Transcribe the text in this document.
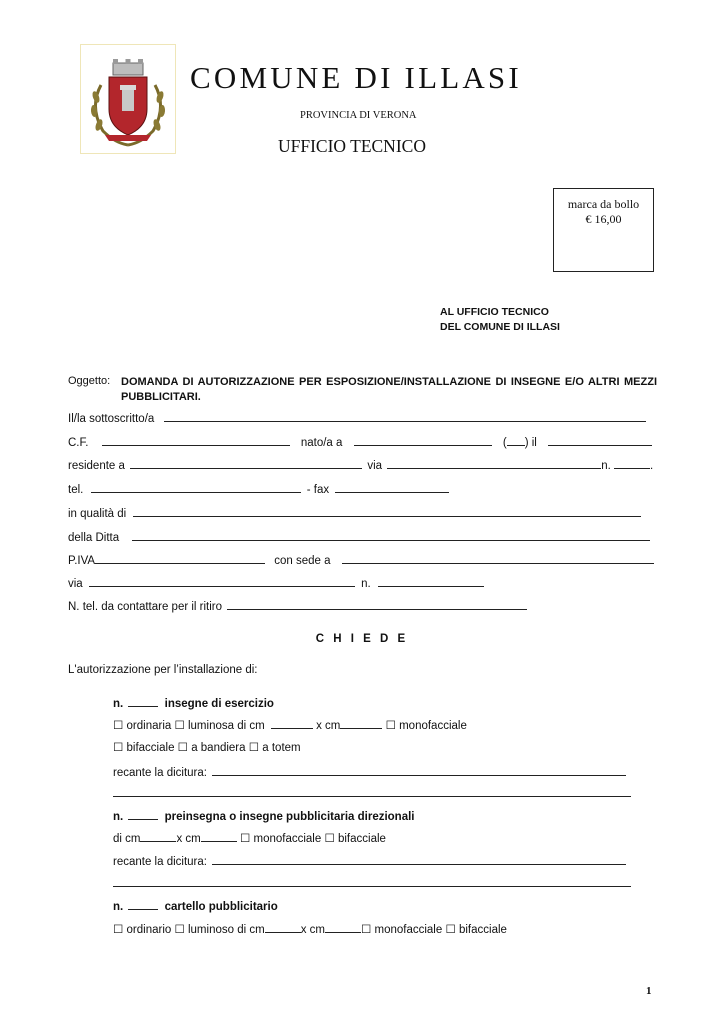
COMUNE DI ILLASI
PROVINCIA DI VERONA
UFFICIO TECNICO
marca da bollo
€ 16,00
AL UFFICIO TECNICO
DEL COMUNE DI ILLASI
Oggetto: DOMANDA DI AUTORIZZAZIONE PER ESPOSIZIONE/INSTALLAZIONE DI INSEGNE E/O ALTRI MEZZI PUBBLICITARI.
Il/la sottoscritto/a
C.F.	nato/a a	( ) il
residente a	via	n.	.
tel.	- fax
in qualità di
della Ditta
P.IVA	con sede a
via	n.
N. tel. da contattare per il ritiro
C H I E D E
L'autorizzazione per l’installazione di:
n.	insegne di esercizio
☐ ordinaria ☐ luminosa di cm	x cm	☐ monofacciale
☐ bifacciale ☐ a bandiera ☐ a totem
recante la dicitura:
n.	preinsegna o insegne pubblicitaria direzionali
di cm	x cm	☐ monofacciale ☐ bifacciale
recante la dicitura:
n.	cartello pubblicitario
☐ ordinario ☐ luminoso di cm	x cm	☐ monofacciale ☐ bifacciale
1
